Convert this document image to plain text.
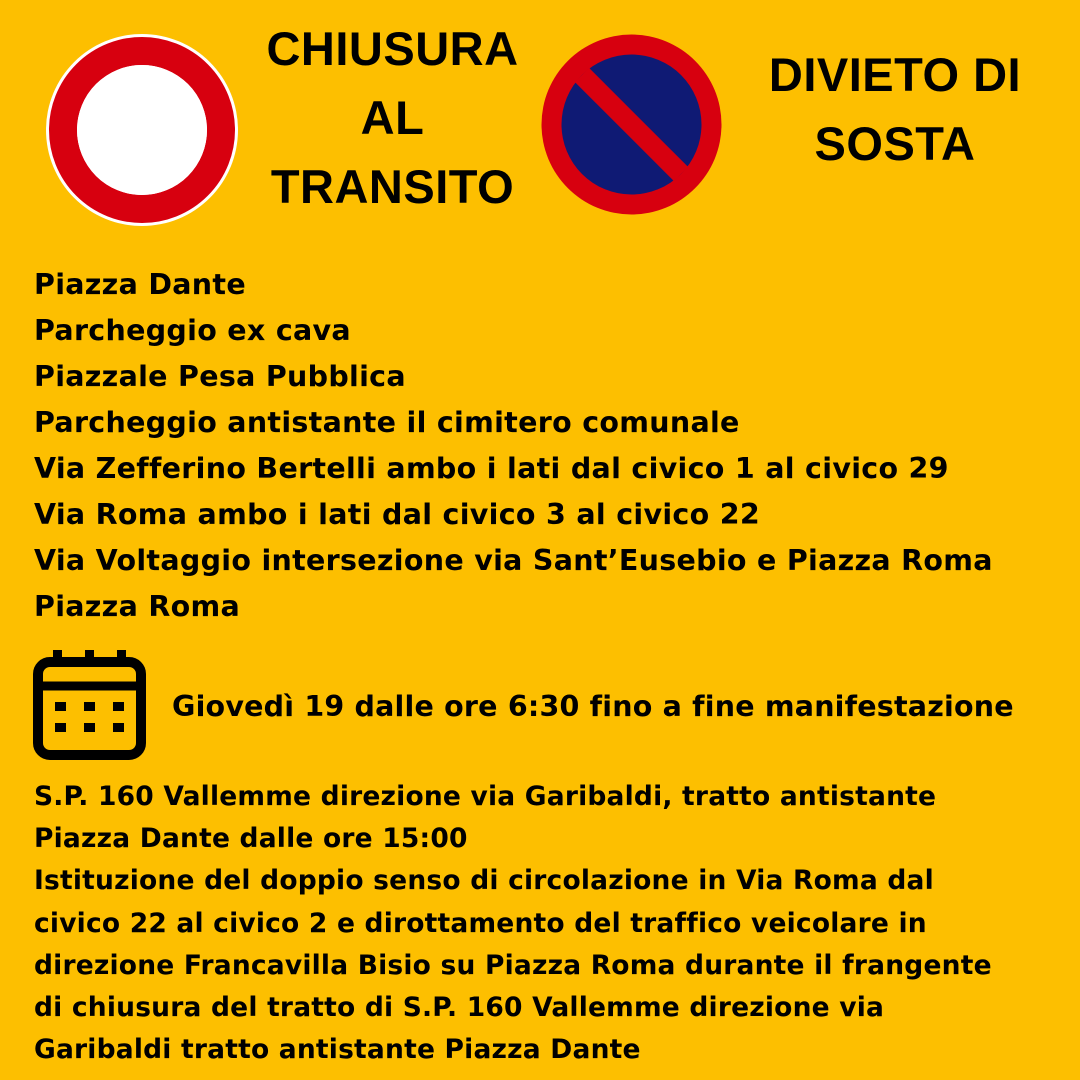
CHIUSURA
AL
TRANSITO
DIVIETO DI
SOSTA
Piazza Dante
Parcheggio ex cava
Piazzale Pesa Pubblica
Parcheggio antistante il cimitero comunale
Via Zefferino Bertelli ambo i lati dal civico 1 al civico 29
Via Roma ambo i lati dal civico 3 al civico 22
Via Voltaggio intersezione via Sant’Eusebio e Piazza Roma
Piazza Roma
Giovedì 19 dalle ore 6:30 fino a fine manifestazione
S.P. 160 Vallemme direzione via Garibaldi, tratto antistante
Piazza Dante dalle ore 15:00
Istituzione del doppio senso di circolazione in Via Roma dal
civico 22 al civico 2 e dirottamento del traffico veicolare in
direzione Francavilla Bisio su Piazza Roma durante il frangente
di chiusura del tratto di S.P. 160 Vallemme direzione via
Garibaldi tratto antistante Piazza Dante
